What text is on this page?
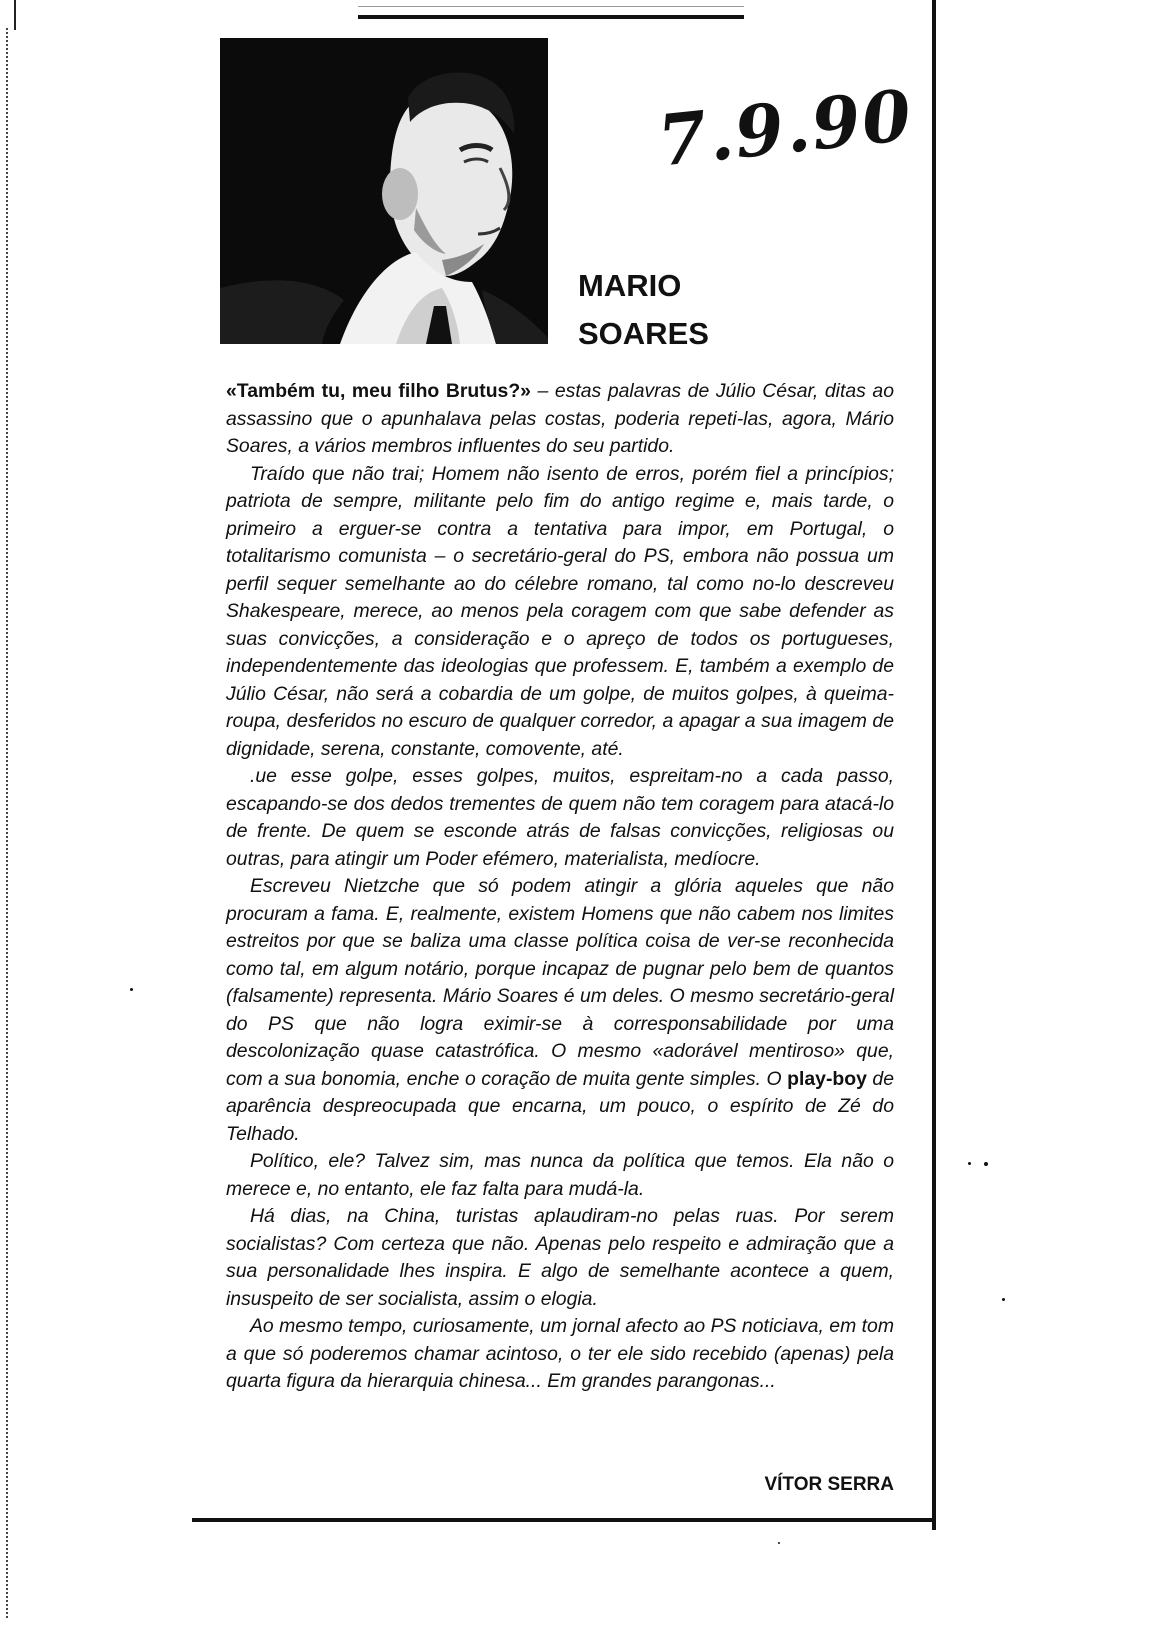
7.9.90
MARIO
SOARES

«Também tu, meu filho Brutus?» – estas palavras de Júlio César, ditas ao assassino que o apunhalava pelas costas, poderia repeti-las, agora, Mário Soares, a vários membros influentes do seu partido.

Traído que não trai; Homem não isento de erros, porém fiel a princípios; patriota de sempre, militante pelo fim do antigo regime e, mais tarde, o primeiro a erguer-se contra a tentativa para impor, em Portugal, o totalitarismo comunista – o secretário-geral do PS, embora não possua um perfil sequer semelhante ao do célebre romano, tal como no-lo descreveu Shakespeare, merece, ao menos pela coragem com que sabe defender as suas convicções, a consideração e o apreço de todos os portugueses, independentemente das ideologias que professem. E, também a exemplo de Júlio César, não será a cobardia de um golpe, de muitos golpes, à queima-roupa, desferidos no escuro de qualquer corredor, a apagar a sua imagem de dignidade, serena, constante, comovente, até.

.ue esse golpe, esses golpes, muitos, espreitam-no a cada passo, escapando-se dos dedos trementes de quem não tem coragem para atacá-lo de frente. De quem se esconde atrás de falsas convicções, religiosas ou outras, para atingir um Poder efémero, materialista, medíocre.

Escreveu Nietzche que só podem atingir a glória aqueles que não procuram a fama. E, realmente, existem Homens que não cabem nos limites estreitos por que se baliza uma classe política coisa de ver-se reconhecida como tal, em algum notário, porque incapaz de pugnar pelo bem de quantos (falsamente) representa. Mário Soares é um deles. O mesmo secretário-geral do PS que não logra eximir-se à corresponsabilidade por uma descolonização quase catastrófica. O mesmo «adorável mentiroso» que, com a sua bonomia, enche o coração de muita gente simples. O play-boy de aparência despreocupada que encarna, um pouco, o espírito de Zé do Telhado.

Político, ele? Talvez sim, mas nunca da política que temos. Ela não o merece e, no entanto, ele faz falta para mudá-la.

Há dias, na China, turistas aplaudiram-no pelas ruas. Por serem socialistas? Com certeza que não. Apenas pelo respeito e admiração que a sua personalidade lhes inspira. E algo de semelhante acontece a quem, insuspeito de ser socialista, assim o elogia.

Ao mesmo tempo, curiosamente, um jornal afecto ao PS noticiava, em tom a que só poderemos chamar acintoso, o ter ele sido recebido (apenas) pela quarta figura da hierarquia chinesa... Em grandes parangonas...

VÍTOR SERRA
